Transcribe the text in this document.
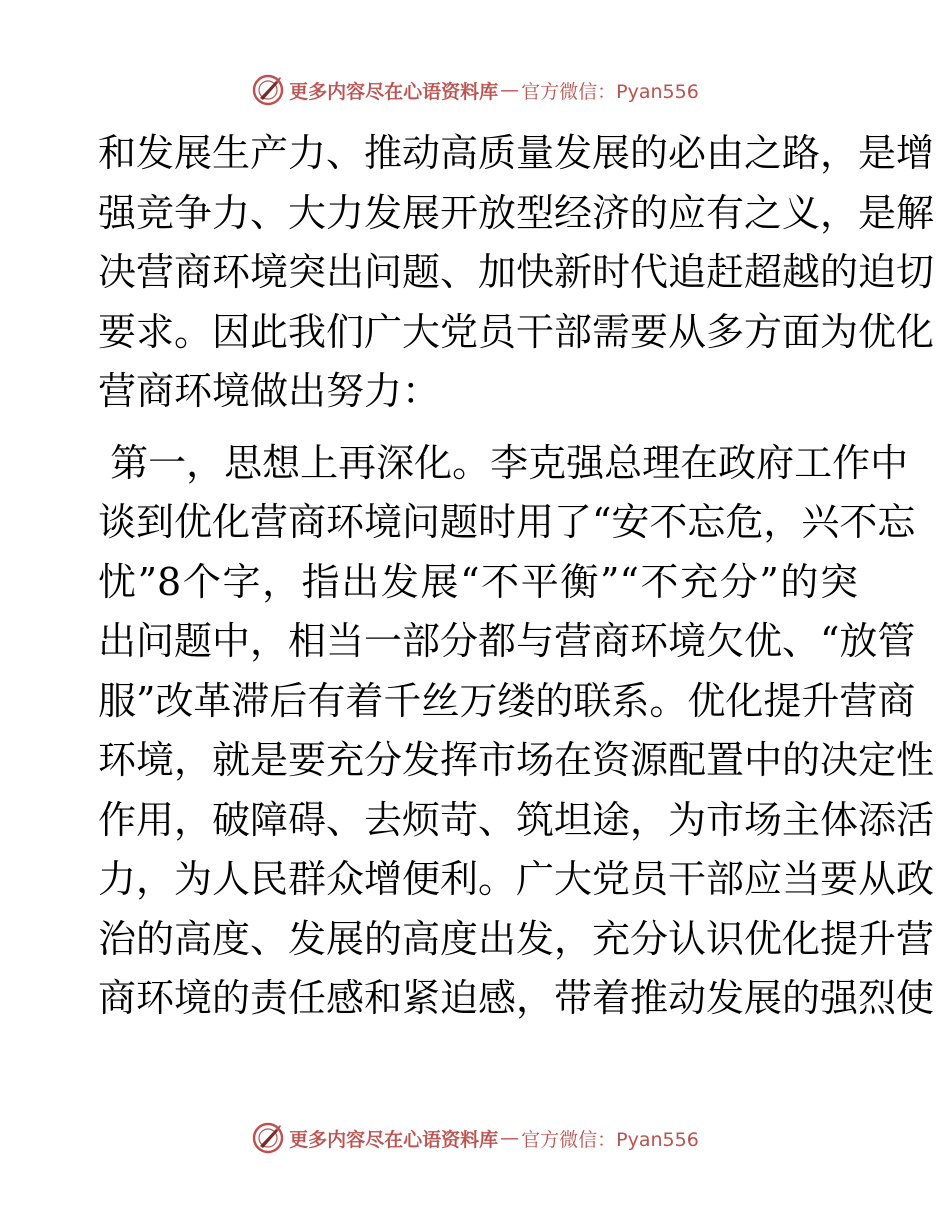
更多内容尽在心语资料库 — 官方微信：Pyan556
和发展生产力、推动高质量发展的必由之路，是增
强竞争力、大力发展开放型经济的应有之义，是解
决营商环境突出问题、加快新时代追赶超越的迫切
要求。因此我们广大党员干部需要从多方面为优化
营商环境做出努力：
第一，思想上再深化。李克强总理在政府工作中
谈到优化营商环境问题时用了“安不忘危，兴不忘
忧”8个字，指出发展“不平衡”“不充分”的突
出问题中，相当一部分都与营商环境欠优、“放管
服”改革滞后有着千丝万缕的联系。优化提升营商
环境，就是要充分发挥市场在资源配置中的决定性
作用，破障碍、去烦苛、筑坦途，为市场主体添活
力，为人民群众增便利。广大党员干部应当要从政
治的高度、发展的高度出发，充分认识优化提升营
商环境的责任感和紧迫感，带着推动发展的强烈使
更多内容尽在心语资料库 — 官方微信：Pyan556
